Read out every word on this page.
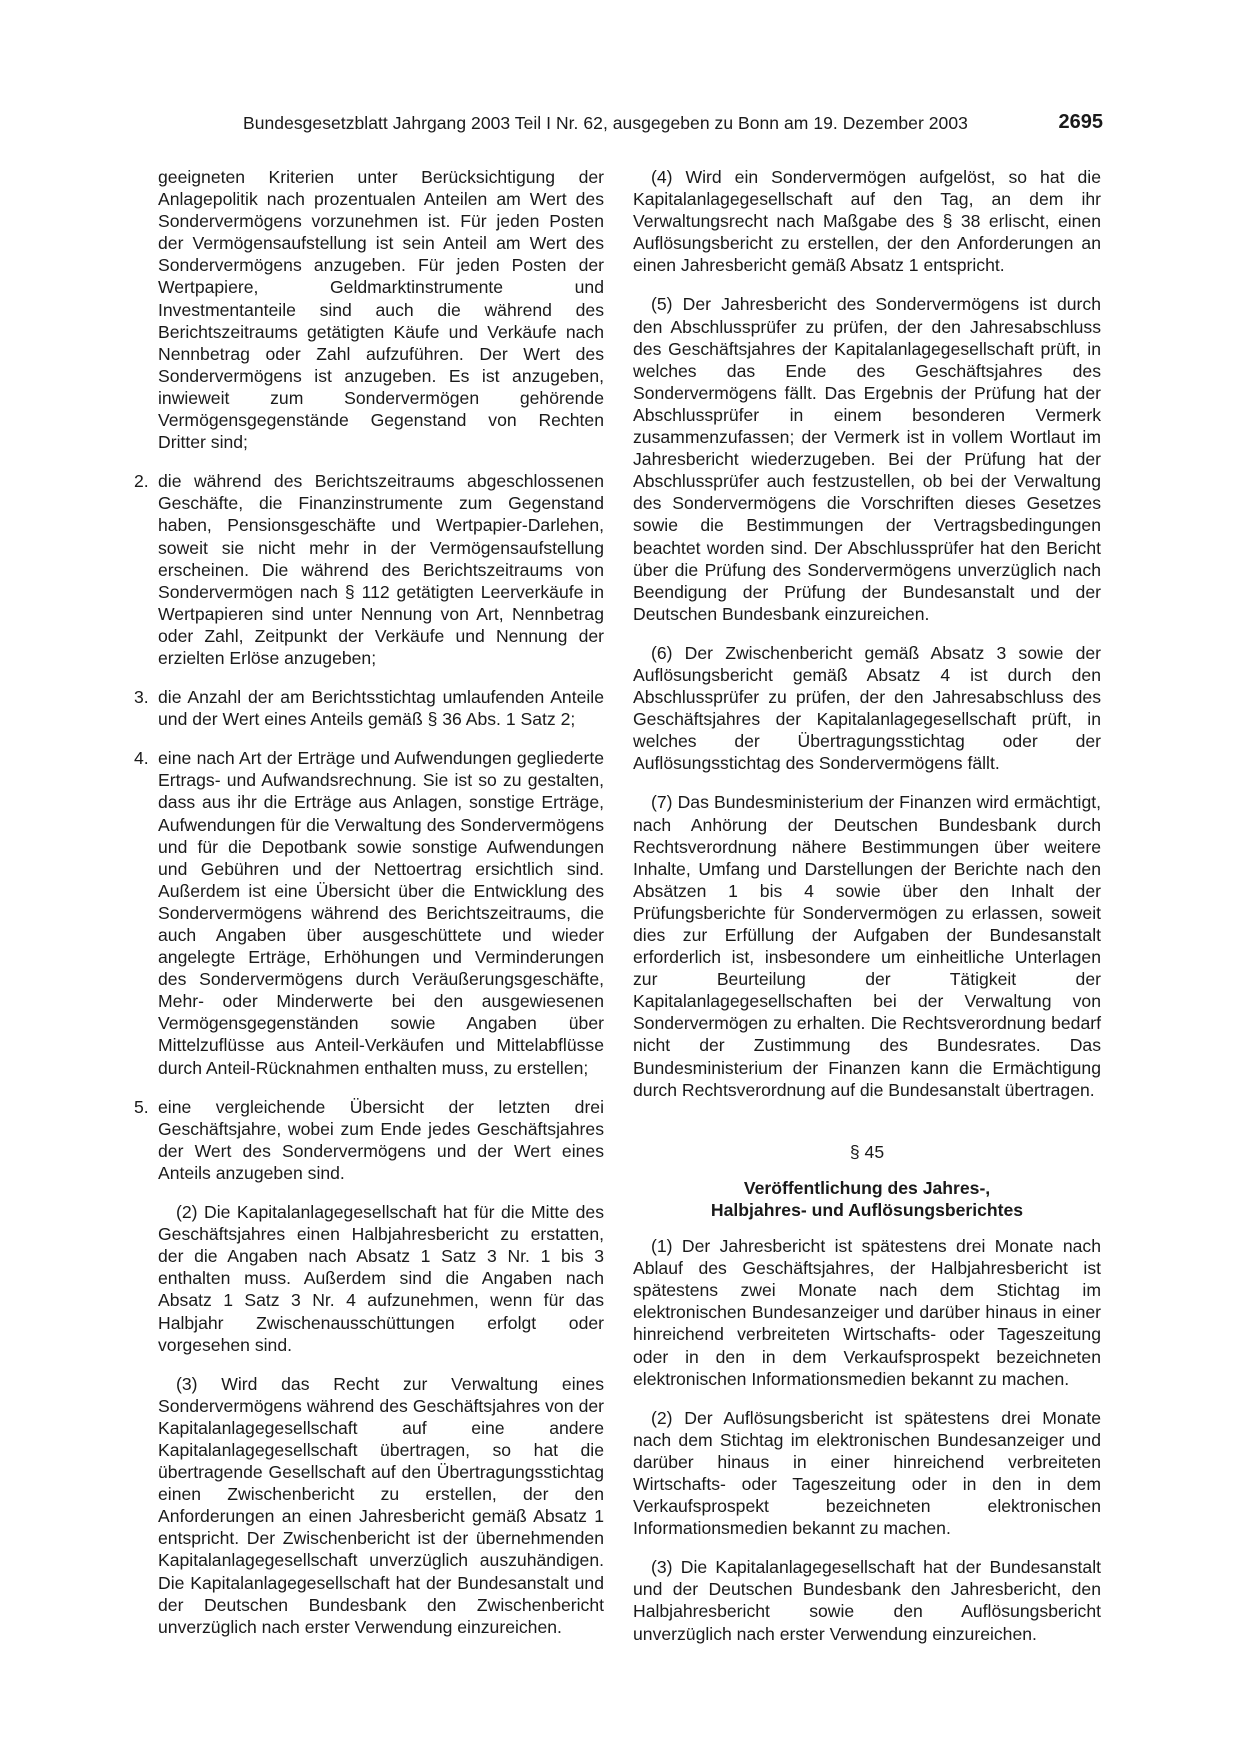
Bundesgesetzblatt Jahrgang 2003 Teil I Nr. 62, ausgegeben zu Bonn am 19. Dezember 2003	2695

geeigneten Kriterien unter Berücksichtigung der Anlagepolitik nach prozentualen Anteilen am Wert des Sondervermögens vorzunehmen ist. Für jeden Posten der Vermögensaufstellung ist sein Anteil am Wert des Sondervermögens anzugeben. Für jeden Posten der Wertpapiere, Geldmarktinstrumente und Investmentanteile sind auch die während des Berichtszeitraums getätigten Käufe und Verkäufe nach Nennbetrag oder Zahl aufzuführen. Der Wert des Sondervermögens ist anzugeben. Es ist anzugeben, inwieweit zum Sondervermögen gehörende Vermögensgegenstände Gegenstand von Rechten Dritter sind;

2. die während des Berichtszeitraums abgeschlossenen Geschäfte, die Finanzinstrumente zum Gegenstand haben, Pensionsgeschäfte und Wertpapier-Darlehen, soweit sie nicht mehr in der Vermögensaufstellung erscheinen. Die während des Berichtszeitraums von Sondervermögen nach § 112 getätigten Leerverkäufe in Wertpapieren sind unter Nennung von Art, Nennbetrag oder Zahl, Zeitpunkt der Verkäufe und Nennung der erzielten Erlöse anzugeben;

3. die Anzahl der am Berichtsstichtag umlaufenden Anteile und der Wert eines Anteils gemäß § 36 Abs. 1 Satz 2;

4. eine nach Art der Erträge und Aufwendungen gegliederte Ertrags- und Aufwandsrechnung. Sie ist so zu gestalten, dass aus ihr die Erträge aus Anlagen, sonstige Erträge, Aufwendungen für die Verwaltung des Sondervermögens und für die Depotbank sowie sonstige Aufwendungen und Gebühren und der Nettoertrag ersichtlich sind. Außerdem ist eine Übersicht über die Entwicklung des Sondervermögens während des Berichtszeitraums, die auch Angaben über ausgeschüttete und wieder angelegte Erträge, Erhöhungen und Verminderungen des Sondervermögens durch Veräußerungsgeschäfte, Mehr- oder Minderwerte bei den ausgewiesenen Vermögensgegenständen sowie Angaben über Mittelzuflüsse aus Anteil-Verkäufen und Mittelabflüsse durch Anteil-Rücknahmen enthalten muss, zu erstellen;

5. eine vergleichende Übersicht der letzten drei Geschäftsjahre, wobei zum Ende jedes Geschäftsjahres der Wert des Sondervermögens und der Wert eines Anteils anzugeben sind.

(2) Die Kapitalanlagegesellschaft hat für die Mitte des Geschäftsjahres einen Halbjahresbericht zu erstatten, der die Angaben nach Absatz 1 Satz 3 Nr. 1 bis 3 enthalten muss. Außerdem sind die Angaben nach Absatz 1 Satz 3 Nr. 4 aufzunehmen, wenn für das Halbjahr Zwischenausschüttungen erfolgt oder vorgesehen sind.

(3) Wird das Recht zur Verwaltung eines Sondervermögens während des Geschäftsjahres von der Kapitalanlagegesellschaft auf eine andere Kapitalanlagegesellschaft übertragen, so hat die übertragende Gesellschaft auf den Übertragungsstichtag einen Zwischenbericht zu erstellen, der den Anforderungen an einen Jahresbericht gemäß Absatz 1 entspricht. Der Zwischenbericht ist der übernehmenden Kapitalanlagegesellschaft unverzüglich auszuhändigen. Die Kapitalanlagegesellschaft hat der Bundesanstalt und der Deutschen Bundesbank den Zwischenbericht unverzüglich nach erster Verwendung einzureichen.

(4) Wird ein Sondervermögen aufgelöst, so hat die Kapitalanlagegesellschaft auf den Tag, an dem ihr Verwaltungsrecht nach Maßgabe des § 38 erlischt, einen Auflösungsbericht zu erstellen, der den Anforderungen an einen Jahresbericht gemäß Absatz 1 entspricht.

(5) Der Jahresbericht des Sondervermögens ist durch den Abschlussprüfer zu prüfen, der den Jahresabschluss des Geschäftsjahres der Kapitalanlagegesellschaft prüft, in welches das Ende des Geschäftsjahres des Sondervermögens fällt. Das Ergebnis der Prüfung hat der Abschlussprüfer in einem besonderen Vermerk zusammenzufassen; der Vermerk ist in vollem Wortlaut im Jahresbericht wiederzugeben. Bei der Prüfung hat der Abschlussprüfer auch festzustellen, ob bei der Verwaltung des Sondervermögens die Vorschriften dieses Gesetzes sowie die Bestimmungen der Vertragsbedingungen beachtet worden sind. Der Abschlussprüfer hat den Bericht über die Prüfung des Sondervermögens unverzüglich nach Beendigung der Prüfung der Bundesanstalt und der Deutschen Bundesbank einzureichen.

(6) Der Zwischenbericht gemäß Absatz 3 sowie der Auflösungsbericht gemäß Absatz 4 ist durch den Abschlussprüfer zu prüfen, der den Jahresabschluss des Geschäftsjahres der Kapitalanlagegesellschaft prüft, in welches der Übertragungsstichtag oder der Auflösungsstichtag des Sondervermögens fällt.

(7) Das Bundesministerium der Finanzen wird ermächtigt, nach Anhörung der Deutschen Bundesbank durch Rechtsverordnung nähere Bestimmungen über weitere Inhalte, Umfang und Darstellungen der Berichte nach den Absätzen 1 bis 4 sowie über den Inhalt der Prüfungsberichte für Sondervermögen zu erlassen, soweit dies zur Erfüllung der Aufgaben der Bundesanstalt erforderlich ist, insbesondere um einheitliche Unterlagen zur Beurteilung der Tätigkeit der Kapitalanlagegesellschaften bei der Verwaltung von Sondervermögen zu erhalten. Die Rechtsverordnung bedarf nicht der Zustimmung des Bundesrates. Das Bundesministerium der Finanzen kann die Ermächtigung durch Rechtsverordnung auf die Bundesanstalt übertragen.

§ 45
Veröffentlichung des Jahres-,
Halbjahres- und Auflösungsberichtes

(1) Der Jahresbericht ist spätestens drei Monate nach Ablauf des Geschäftsjahres, der Halbjahresbericht ist spätestens zwei Monate nach dem Stichtag im elektronischen Bundesanzeiger und darüber hinaus in einer hinreichend verbreiteten Wirtschafts- oder Tageszeitung oder in den in dem Verkaufsprospekt bezeichneten elektronischen Informationsmedien bekannt zu machen.

(2) Der Auflösungsbericht ist spätestens drei Monate nach dem Stichtag im elektronischen Bundesanzeiger und darüber hinaus in einer hinreichend verbreiteten Wirtschafts- oder Tageszeitung oder in den in dem Verkaufsprospekt bezeichneten elektronischen Informationsmedien bekannt zu machen.

(3) Die Kapitalanlagegesellschaft hat der Bundesanstalt und der Deutschen Bundesbank den Jahresbericht, den Halbjahresbericht sowie den Auflösungsbericht unverzüglich nach erster Verwendung einzureichen.
